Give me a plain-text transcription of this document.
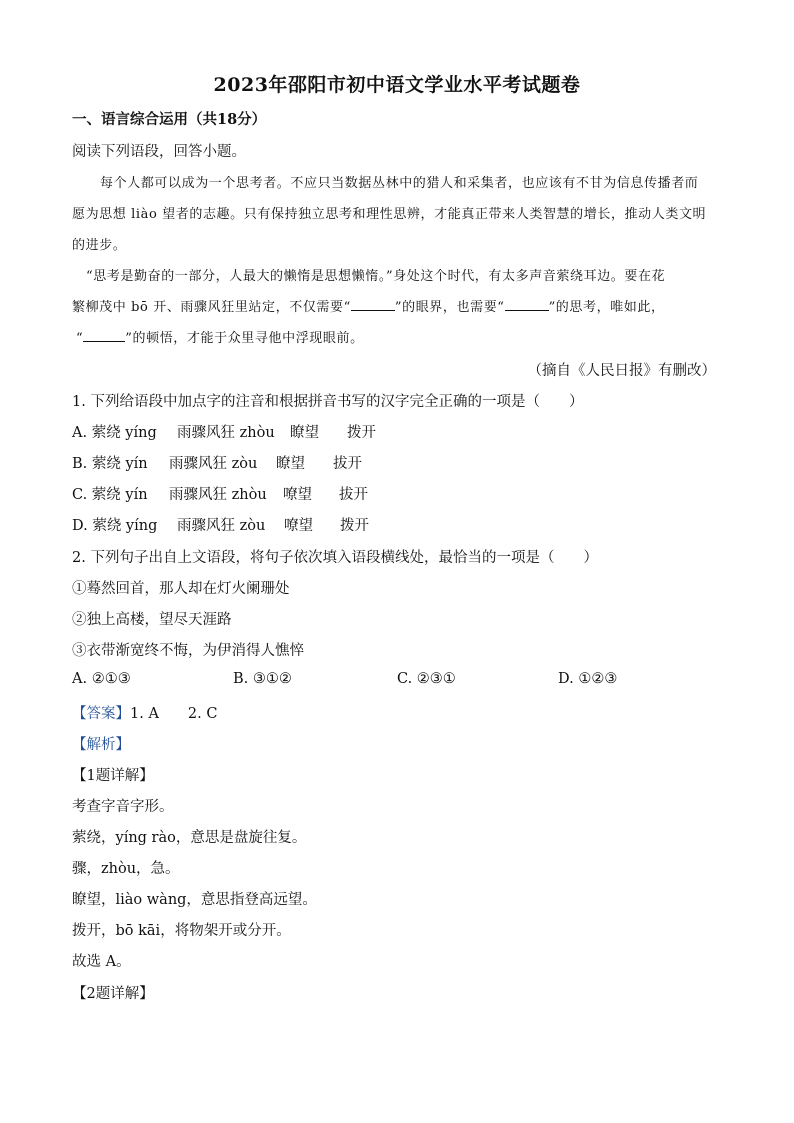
2023年邵阳市初中语文学业水平考试题卷
一、语言综合运用（共18分）
阅读下列语段，回答小题。
每个人都可以成为一个思考者。不应只当数据丛林中的猎人和采集者，也应该有不甘为信息传播者而
愿为思想 liào 望者的志趣。只有保持独立思考和理性思辨，才能真正带来人类智慧的增长，推动人类文明
的进步。
“思考是勤奋的一部分，人最大的懒惰是思想懒惰。”身处这个时代，有太多声音萦绕耳边。要在花
繁柳茂中 bō 开、雨骤风狂里站定，不仅需要“	”的眼界，也需要“	”的思考，唯如此，
“	”的顿悟，才能于众里寻他中浮现眼前。
（摘自《人民日报》有删改）
1. 下列给语段中加点字的注音和根据拼音书写的汉字完全正确的一项是（　　）
A. 萦绕 yíng 雨骤风狂 zhòu 瞭望 拨开
B. 萦绕 yín 雨骤风狂 zòu 瞭望 拔开
C. 萦绕 yín 雨骤风狂 zhòu 嘹望 拔开
D. 萦绕 yíng 雨骤风狂 zòu 嘹望 拨开
2. 下列句子出自上文语段，将句子依次填入语段横线处，最恰当的一项是（　　）
①蓦然回首，那人却在灯火阑珊处
②独上高楼，望尽天涯路
③衣带渐宽终不悔，为伊消得人憔悴
A. ②①③	B. ③①②	C. ②③①	D. ①②③
【答案】1. A　　2. C
【解析】
【1题详解】
考查字音字形。
萦绕，yíng rào，意思是盘旋往复。
骤，zhòu，急。
瞭望，liào wàng，意思指登高远望。
拨开，bō kāi，将物架开或分开。
故选 A。
【2题详解】
